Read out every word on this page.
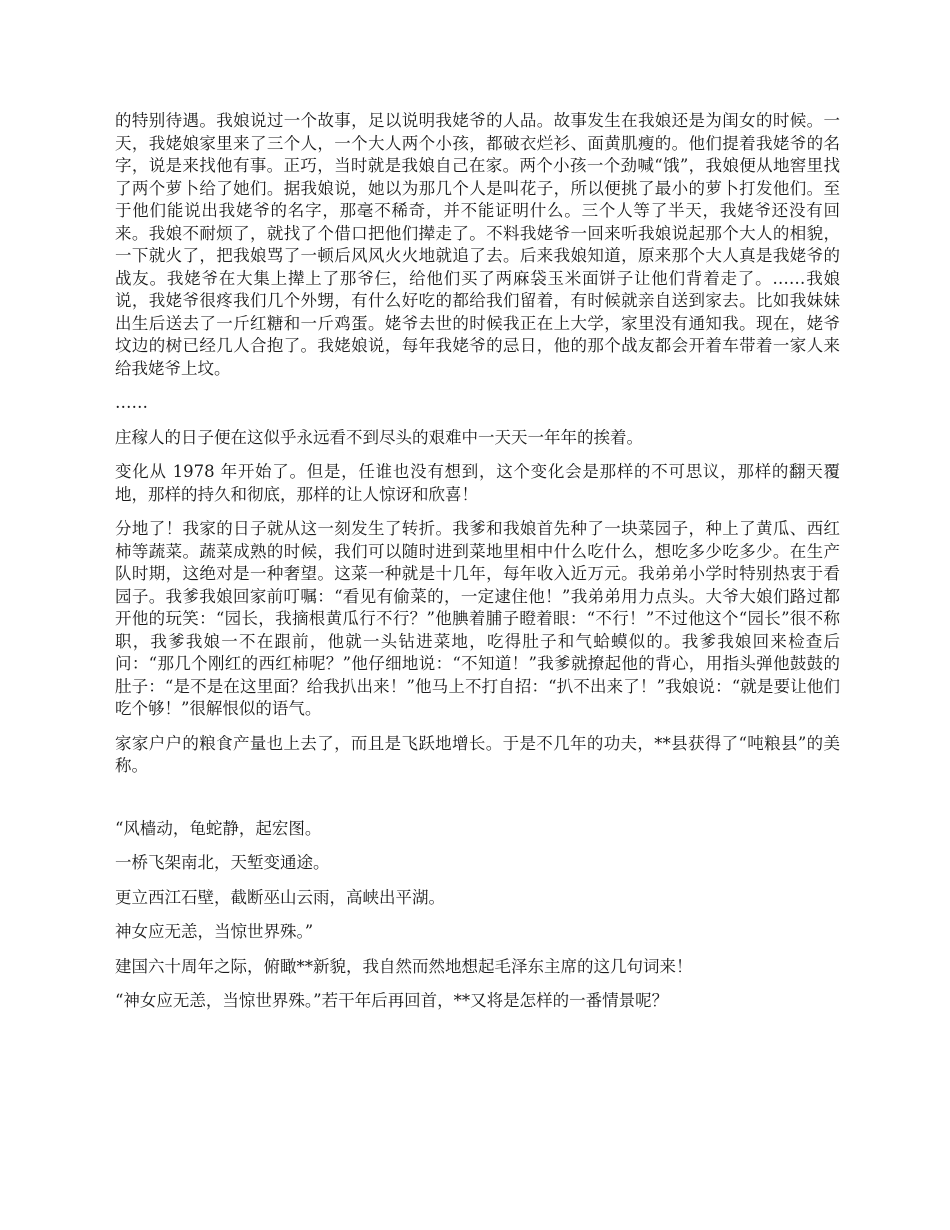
的特别待遇。我娘说过一个故事，足以说明我姥爷的人品。故事发生在我娘还是为闺女的时候。一天，我姥娘家里来了三个人，一个大人两个小孩，都破衣烂衫、面黄肌瘦的。他们提着我姥爷的名字，说是来找他有事。正巧，当时就是我娘自己在家。两个小孩一个劲喊“饿”，我娘便从地窖里找了两个萝卜给了她们。据我娘说，她以为那几个人是叫花子，所以便挑了最小的萝卜打发他们。至于他们能说出我姥爷的名字，那毫不稀奇，并不能证明什么。三个人等了半天，我姥爷还没有回来。我娘不耐烦了，就找了个借口把他们撵走了。不料我姥爷一回来听我娘说起那个大人的相貌，一下就火了，把我娘骂了一顿后风风火火地就追了去。后来我娘知道，原来那个大人真是我姥爷的战友。我姥爷在大集上撵上了那爷仨，给他们买了两麻袋玉米面饼子让他们背着走了。……我娘说，我姥爷很疼我们几个外甥，有什么好吃的都给我们留着，有时候就亲自送到家去。比如我妹妹出生后送去了一斤红糖和一斤鸡蛋。姥爷去世的时候我正在上大学，家里没有通知我。现在，姥爷坟边的树已经几人合抱了。我姥娘说，每年我姥爷的忌日，他的那个战友都会开着车带着一家人来给我姥爷上坟。

……

庄稼人的日子便在这似乎永远看不到尽头的艰难中一天天一年年的挨着。

变化从 1978 年开始了。但是，任谁也没有想到，这个变化会是那样的不可思议，那样的翻天覆地，那样的持久和彻底，那样的让人惊讶和欣喜！

分地了！我家的日子就从这一刻发生了转折。我爹和我娘首先种了一块菜园子，种上了黄瓜、西红柿等蔬菜。蔬菜成熟的时候，我们可以随时进到菜地里相中什么吃什么，想吃多少吃多少。在生产队时期，这绝对是一种奢望。这菜一种就是十几年，每年收入近万元。我弟弟小学时特别热衷于看园子。我爹我娘回家前叮嘱：“看见有偷菜的，一定逮住他！”我弟弟用力点头。大爷大娘们路过都开他的玩笑：“园长，我摘根黄瓜行不行？”他腆着脯子瞪着眼：“不行！”不过他这个“园长”很不称职，我爹我娘一不在跟前，他就一头钻进菜地，吃得肚子和气蛤蟆似的。我爹我娘回来检查后问：“那几个刚红的西红柿呢？”他仔细地说：“不知道！”我爹就撩起他的背心，用指头弹他鼓鼓的肚子：“是不是在这里面？给我扒出来！”他马上不打自招：“扒不出来了！”我娘说：“就是要让他们吃个够！”很解恨似的语气。

家家户户的粮食产量也上去了，而且是飞跃地增长。于是不几年的功夫，**县获得了“吨粮县”的美称。

“风樯动，龟蛇静，起宏图。

一桥飞架南北，天堑变通途。

更立西江石壁，截断巫山云雨，高峡出平湖。

神女应无恙，当惊世界殊。”

建国六十周年之际，俯瞰**新貌，我自然而然地想起毛泽东主席的这几句词来！

“神女应无恙，当惊世界殊。”若干年后再回首，**又将是怎样的一番情景呢？
